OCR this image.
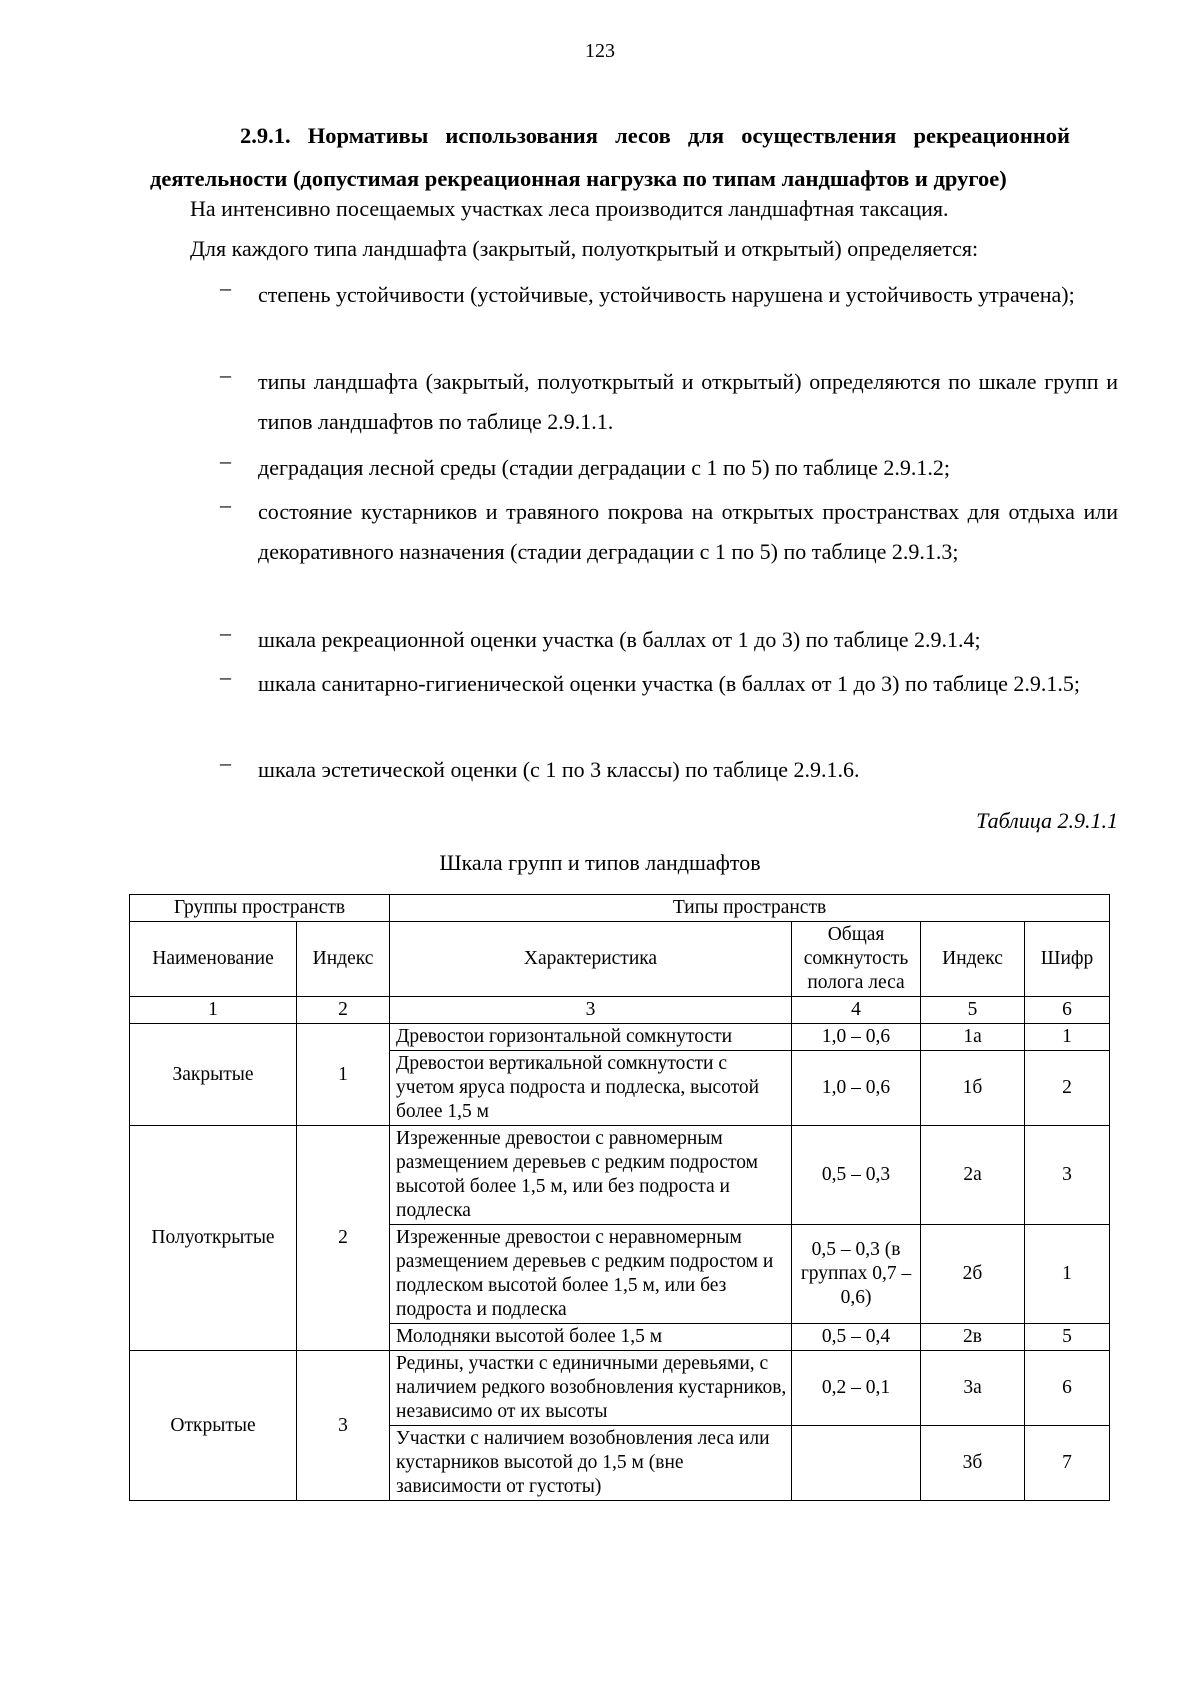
123
2.9.1. Нормативы использования лесов для осуществления рекреационной деятельности (допустимая рекреационная нагрузка по типам ландшафтов и другое)
На интенсивно посещаемых участках леса производится ландшафтная таксация.
Для каждого типа ландшафта (закрытый, полуоткрытый и открытый) определяется:
– степень устойчивости (устойчивые, устойчивость нарушена и устойчивость утрачена);
– типы ландшафта (закрытый, полуоткрытый и открытый) определяются по шкале групп и типов ландшафтов по таблице 2.9.1.1.
– деградация лесной среды (стадии деградации с 1 по 5) по таблице 2.9.1.2;
– состояние кустарников и травяного покрова на открытых пространствах для отдыха или декоративного назначения (стадии деградации с 1 по 5) по таблице 2.9.1.3;
– шкала рекреационной оценки участка (в баллах от 1 до 3) по таблице 2.9.1.4;
– шкала санитарно-гигиенической оценки участка (в баллах от 1 до 3) по таблице 2.9.1.5;
– шкала эстетической оценки (с 1 по 3 классы) по таблице 2.9.1.6.
Таблица 2.9.1.1
Шкала групп и типов ландшафтов
Группы пространств		Типы пространств			
Наименование	Индекс	Характеристика	Общая сомкнутость полога леса	Индекс	Шифр
1	2	3	4	5	6
Закрытые	1	Древостои горизонтальной сомкнутости	1,0 – 0,6	1а	1
		Древостои вертикальной сомкнутости с учетом яруса подроста и подлеска, высотой более 1,5 м	1,0 – 0,6	1б	2
Полуоткрытые	2	Изреженные древостои с равномерным размещением деревьев с редким подростом высотой более 1,5 м, или без подроста и подлеска	0,5 – 0,3	2а	3
		Изреженные древостои с неравномерным размещением деревьев с редким подростом и подлеском высотой более 1,5 м, или без подроста и подлеска	0,5 – 0,3 (в группах 0,7 – 0,6)	2б	1
		Молодняки высотой более 1,5 м	0,5 – 0,4	2в	5
Открытые	3	Редины, участки с единичными деревьями, с наличием редкого возобновления кустарников, независимо от их высоты	0,2 – 0,1	3а	6
		Участки с наличием возобновления леса или кустарников высотой до 1,5 м (вне зависимости от густоты)		3б	7
